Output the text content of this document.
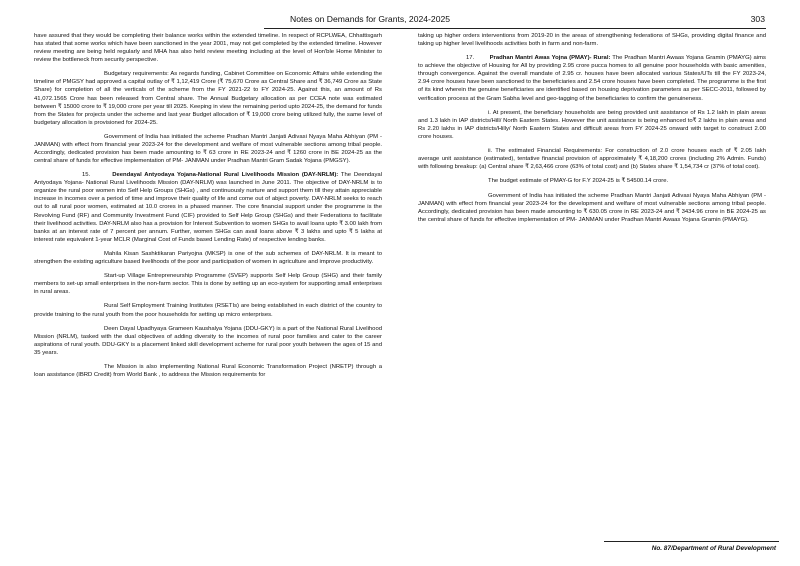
Notes on Demands for Grants, 2024-2025	303

have assured that they would be completing their balance works within the extended timeline. In respect of RCPLWEA, Chhattisgarh has stated that some works which have been sanctioned in the year 2001, may not get completed by the extended timeline. However review meeting are being held regularly and MHA has also held review meeting including at the level of Hon'ble Home Minister to review the bottleneck from security perspective.

Budgetary requirements: As regards funding, Cabinet Committee on Economic Affairs while extending the timeline of PMGSY had approved a capital outlay of ₹ 1,12,419 Crore (₹ 75,670 Crore as Central Share and ₹ 36,749 Crore as State Share) for completion of all the verticals of the scheme from the FY 2021-22 to FY 2024-25. Against this, an amount of Rs 41,072.1565 Crore has been released from Central share. The Annual Budgetary allocation as per CCEA note was estimated between ₹ 15000 crore to ₹ 19,000 crore per year till 2025. Keeping in view the remaining period upto 2024-25, the demand for funds from the States for projects under the scheme and last year Budget allocation of ₹ 19,000 crore being utilized fully, the same level of budgetary allocation is provisioned for 2024-25.

Government of India has initiated the scheme Pradhan Mantri Janjati Adivasi Nyaya Maha Abhiyan (PM - JANMAN) with effect from financial year 2023-24 for the development and welfare of most vulnerable sections among tribal people. Accordingly, dedicated provision has been made amounting to ₹ 63 crore in RE 2023-24 and ₹ 1260 crore in BE 2024-25 as the central share of funds for effective implementation of PM- JANMAN under Pradhan Mantri Gram Sadak Yojana (PMGSY).

15.	Deendayal Antyodaya Yojana-National Rural Livelihoods Mission (DAY-NRLM): The Deendayal Antyodaya Yojana- National Rural Livelihoods Mission (DAY-NRLM) was launched in June 2011. The objective of DAY-NRLM is to organize the rural poor women into Self Help Groups (SHGs) , and continuously nurture and support them till they attain appreciable increase in incomes over a period of time and improve their quality of life and come out of abject poverty. DAY-NRLM seeks to reach out to all rural poor women, estimated at 10.0 crores in a phased manner. The core financial support under the programme is the Revolving Fund (RF) and Community Investment Fund (CIF) provided to Self Help Group (SHGs) and their Federations to facilitate their livelihood activities. DAY-NRLM also has a provision for Interest Subvention to women SHGs to avail loans upto ₹ 3.00 lakh from banks at an interest rate of 7 percent per annum. Further, women SHGs can avail loans above ₹ 3 lakhs and upto ₹ 5 lakhs at interest rate equivalent 1-year MCLR (Marginal Cost of Funds based Lending Rate) of respective lending banks.

Mahila Kisan Sashktikaran Pariyojna (MKSP) is one of the sub schemes of DAY-NRLM. It is meant to strengthen the existing agriculture based livelihoods of the poor and participation of women in agriculture and improve productivity.

Start-up Village Entrepreneurship Programme (SVEP) supports Self Help Group (SHG) and their family members to set-up small enterprises in the non-farm sector. This is done by setting up an eco-system for supporting small enterprises in rural areas.

Rural Self Employment Training Institutes (RSETIs) are being established in each district of the country to provide training to the rural youth from the poor households for setting up micro enterprises.

Deen Dayal Upadhyaya Grameen Kaushalya Yojana (DDU-GKY) is a part of the National Rural Livelihood Mission (NRLM), tasked with the dual objectives of adding diversity to the incomes of rural poor families and cater to the career aspirations of rural youth. DDU-GKY is a placement linked skill development scheme for rural poor youth between the ages of 15 and 35 years.

The Mission is also implementing National Rural Economic Transformation Project (NRETP) through a loan assistance (IBRD Credit) from World Bank , to address the Mission requirements for

taking up higher orders interventions from 2019-20 in the areas of strengthening federations of SHGs, providing digital finance and taking up higher level livelihoods activities both in farm and non-farm.

17.	Pradhan Mantri Awas Yojna (PMAY)- Rural: The Pradhan Mantri Awaas Yojana Gramin (PMAYG) aims to achieve the objective of Housing for All by providing 2.95 crore pucca homes to all genuine poor households with basic amenities, through convergence. Against the overall mandate of 2.95 cr. houses have been allocated various States/UTs till the FY 2023-24, 2.94 crore houses have been sanctioned to the beneficiaries and 2.54 crore houses have been completed. The programme is the first of its kind wherein the genuine beneficiaries are identified based on housing deprivation parameters as per SECC-2011, followed by verification process at the Gram Sabha level and geo-tagging of the beneficiaries to confirm the genuineness.

i. At present, the beneficiary households are being provided unit assistance of Rs 1.2 lakh in plain areas and 1.3 lakh in IAP districts/Hill/ North Eastern States. However the unit assistance is being enhanced to₹ 2 lakhs in plain areas and Rs 2.20 lakhs in IAP districts/Hilly/ North Eastern States and difficult areas from FY 2024-25 onward with target to construct 2.00 crore houses.

ii. The estimated Financial Requirements: For construction of 2.0 crore houses each of ₹ 2.05 lakh average unit assistance (estimated), tentative financial provision of approximately ₹ 4,18,200 crores (including 2% Admin. Funds) with following breakup: (a) Central share ₹ 2,63,466 crore (63% of total cost) and (b) States share ₹ 1,54,734 cr (37% of total cost).

The budget estimate of PMAY-G for F.Y 2024-25 is ₹ 54500.14 crore.

Government of India has initiated the scheme Pradhan Mantri Janjati Adivasi Nyaya Maha Abhiyan (PM - JANMAN) with effect from financial year 2023-24 for the development and welfare of most vulnerable sections among tribal people. Accordingly, dedicated provision has been made amounting to ₹ 630.05 crore in RE 2023-24 and ₹ 3434.96 crore in BE 2024-25 as the central share of funds for effective implementation of PM- JANMAN under Pradhan Mantri Awaas Yojana Gramin (PMAYG).

No. 87/Department of Rural Development
